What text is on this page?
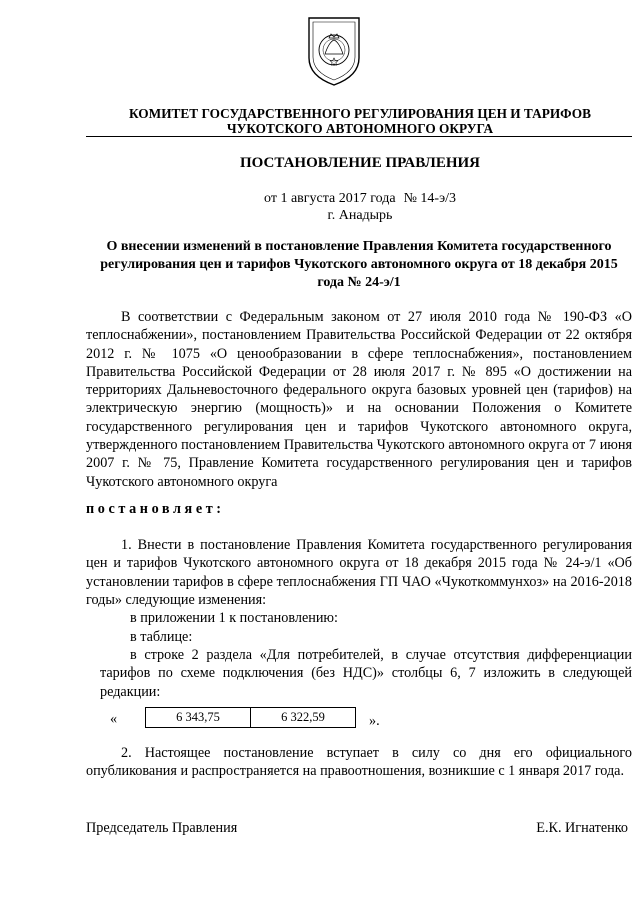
КОМИТЕТ ГОСУДАРСТВЕННОГО РЕГУЛИРОВАНИЯ ЦЕН И ТАРИФОВ
ЧУКОТСКОГО АВТОНОМНОГО ОКРУГА
ПОСТАНОВЛЕНИЕ ПРАВЛЕНИЯ
от 1 августа 2017 года № 14-э/3
г. Анадырь
О внесении изменений в постановление Правления Комитета государственного регулирования цен и тарифов Чукотского автономного округа от 18 декабря 2015 года № 24-э/1
В соответствии с Федеральным законом от 27 июля 2010 года № 190-ФЗ «О теплоснабжении», постановлением Правительства Российской Федерации от 22 октября 2012 г. № 1075 «О ценообразовании в сфере теплоснабжения», постановлением Правительства Российской Федерации от 28 июля 2017 г. № 895 «О достижении на территориях Дальневосточного федерального округа базовых уровней цен (тарифов) на электрическую энергию (мощность)» и на основании Положения о Комитете государственного регулирования цен и тарифов Чукотского автономного округа, утвержденного постановлением Правительства Чукотского автономного округа от 7 июня 2007 г. № 75, Правление Комитета государственного регулирования цен и тарифов Чукотского автономного округа
постановляет:
1. Внести в постановление Правления Комитета государственного регулирования цен и тарифов Чукотского автономного округа от 18 декабря 2015 года № 24-э/1 «Об установлении тарифов в сфере теплоснабжения ГП ЧАО «Чукоткоммунхоз» на 2016-2018 годы» следующие изменения:
в приложении 1 к постановлению:
в таблице:
в строке 2 раздела «Для потребителей, в случае отсутствия дифференциации тарифов по схеме подключения (без НДС)» столбцы 6, 7 изложить в следующей редакции:
«	6 343,75	6 322,59	».
2. Настоящее постановление вступает в силу со дня его официального опубликования и распространяется на правоотношения, возникшие с 1 января 2017 года.
Председатель Правления	Е.К. Игнатенко
